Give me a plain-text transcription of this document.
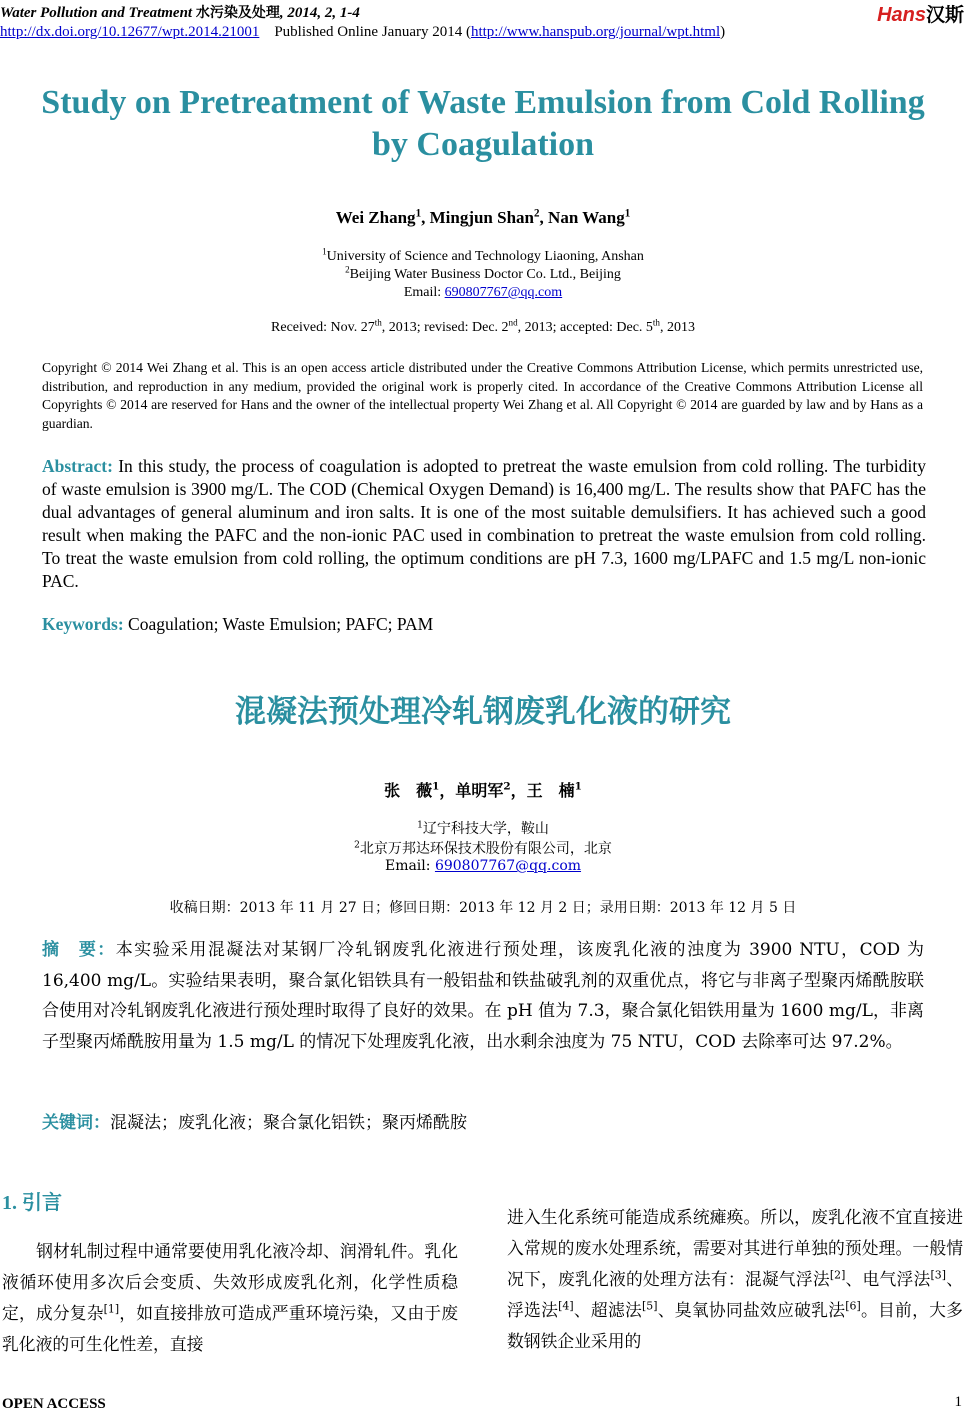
Water Pollution and Treatment 水污染及处理, 2014, 2, 1-4
http://dx.doi.org/10.12677/wpt.2014.21001 Published Online January 2014 (http://www.hanspub.org/journal/wpt.html)
Hans汉斯
Study on Pretreatment of Waste Emulsion from Cold Rolling by Coagulation
Wei Zhang$^1$, Mingjun Shan$^2$, Nan Wang$^1$
$^1$University of Science and Technology Liaoning, Anshan
$^2$Beijing Water Business Doctor Co. Ltd., Beijing
Email: 690807767@qq.com
Received: Nov. 27th, 2013; revised: Dec. 2nd, 2013; accepted: Dec. 5th, 2013
Copyright © 2014 Wei Zhang et al. This is an open access article distributed under the Creative Commons Attribution License, which permits unrestricted use, distribution, and reproduction in any medium, provided the original work is properly cited. In accordance of the Creative Commons Attribution License all Copyrights © 2014 are reserved for Hans and the owner of the intellectual property Wei Zhang et al. All Copyright © 2014 are guarded by law and by Hans as a guardian.
Abstract: In this study, the process of coagulation is adopted to pretreat the waste emulsion from cold rolling. The turbidity of waste emulsion is 3900 mg/L. The COD (Chemical Oxygen Demand) is 16,400 mg/L. The results show that PAFC has the dual advantages of general aluminum and iron salts. It is one of the most suitable demulsifiers. It has achieved such a good result when making the PAFC and the non-ionic PAC used in combination to pretreat the waste emulsion from cold rolling. To treat the waste emulsion from cold rolling, the optimum conditions are pH 7.3, 1600 mg/LPAFC and 1.5 mg/L non-ionic PAC.
Keywords: Coagulation; Waste Emulsion; PAFC; PAM
混凝法预处理冷轧钢废乳化液的研究
张　薇$^1$，单明军$^2$，王　楠$^1$
$^1$辽宁科技大学，鞍山
$^2$北京万邦达环保技术股份有限公司，北京
Email: 690807767@qq.com
收稿日期：2013 年 11 月 27 日；修回日期：2013 年 12 月 2 日；录用日期：2013 年 12 月 5 日
摘　要：本实验采用混凝法对某钢厂冷轧钢废乳化液进行预处理，该废乳化液的浊度为 3900 NTU，COD 为 16,400 mg/L。实验结果表明，聚合氯化铝铁具有一般铝盐和铁盐破乳剂的双重优点，将它与非离子型聚丙烯酰胺联合使用对冷轧钢废乳化液进行预处理时取得了良好的效果。在 pH 值为 7.3，聚合氯化铝铁用量为 1600 mg/L，非离子型聚丙烯酰胺用量为 1.5 mg/L 的情况下处理废乳化液，出水剩余浊度为 75 NTU，COD 去除率可达 97.2%。
关键词：混凝法；废乳化液；聚合氯化铝铁；聚丙烯酰胺
1. 引言
钢材轧制过程中通常要使用乳化液冷却、润滑轧件。乳化液循环使用多次后会变质、失效形成废乳化剂，化学性质稳定，成分复杂[1]，如直接排放可造成严重环境污染，又由于废乳化液的可生化性差，直接
进入生化系统可能造成系统瘫痪。所以，废乳化液不宜直接进入常规的废水处理系统，需要对其进行单独的预处理。一般情况下，废乳化液的处理方法有：混凝气浮法[2]、电气浮法[3]、浮选法[4]、超滤法[5]、臭氧协同盐效应破乳法[6]。目前，大多数钢铁企业采用的
OPEN ACCESS	1
